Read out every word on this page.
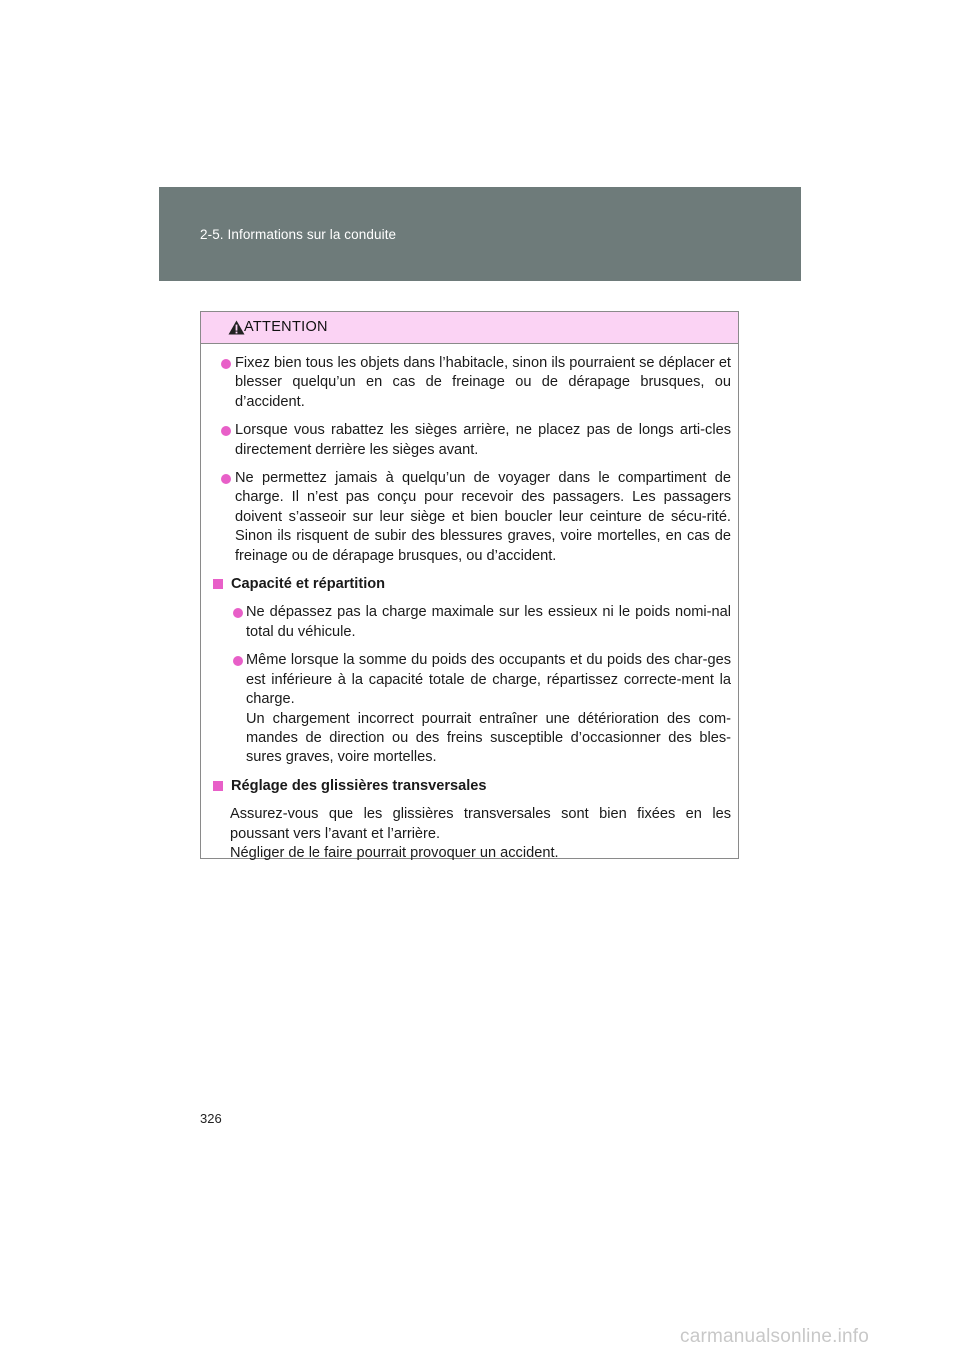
2-5. Informations sur la conduite
ATTENTION
Fixez bien tous les objets dans l’habitacle, sinon ils pourraient se déplacer et blesser quelqu’un en cas de freinage ou de dérapage brusques, ou d’accident.
Lorsque vous rabattez les sièges arrière, ne placez pas de longs arti-cles directement derrière les sièges avant.
Ne permettez jamais à quelqu’un de voyager dans le compartiment de charge. Il n’est pas conçu pour recevoir des passagers. Les passagers doivent s’asseoir sur leur siège et bien boucler leur ceinture de sécu-rité. Sinon ils risquent de subir des blessures graves, voire mortelles, en cas de freinage ou de dérapage brusques, ou d’accident.
Capacité et répartition
Ne dépassez pas la charge maximale sur les essieux ni le poids nomi-nal total du véhicule.
Même lorsque la somme du poids des occupants et du poids des char-ges est inférieure à la capacité totale de charge, répartissez correcte-ment la charge.
Un chargement incorrect pourrait entraîner une détérioration des com-mandes de direction ou des freins susceptible d’occasionner des bles-sures graves, voire mortelles.
Réglage des glissières transversales
Assurez-vous que les glissières transversales sont bien fixées en les poussant vers l’avant et l’arrière.
Négliger de le faire pourrait provoquer un accident.
326
carmanualsonline.info
